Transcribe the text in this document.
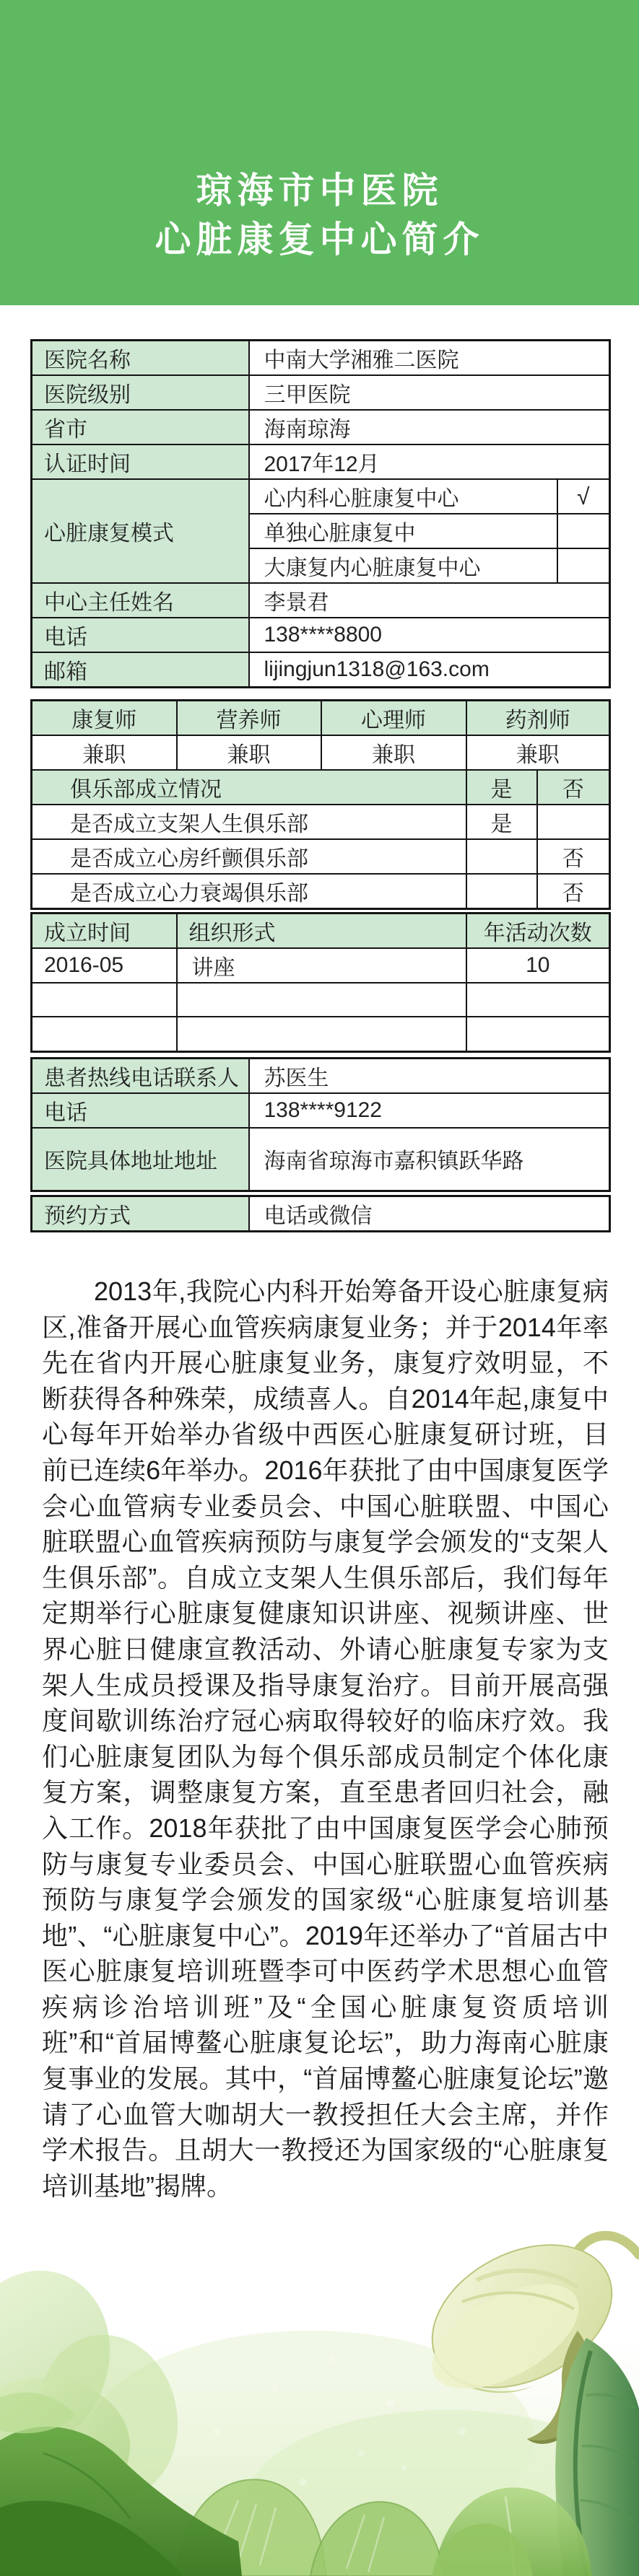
琼海市中医院
心脏康复中心简介
医院名称	中南大学湘雅二医院	
医院级别	三甲医院	
省市	海南琼海	
认证时间	2017年12月	
心脏康复模式	心内科心脏康复中心	√
	单独心脏康复中	
	大康复内心脏康复中心	
中心主任姓名	李景君	
电话	138****8800	
邮箱	lijingjun1318@163.com	
康复师	营养师	心理师	药剂师	
兼职	兼职	兼职	兼职	
俱乐部成立情况			是	否
是否成立支架人生俱乐部			是	
是否成立心房纤颤俱乐部				否
是否成立心力衰竭俱乐部				否
成立时间	组织形式	年活动次数
2016-05	讲座	10

患者热线电话联系人	苏医生
电话	138****9122
医院具体地址地址	海南省琼海市嘉积镇跃华路
预约方式	电话或微信
2013年,我院心内科开始筹备开设心脏康复病区,准备开展心血管疾病康复业务；并于2014年率先在省内开展心脏康复业务，康复疗效明显，不断获得各种殊荣，成绩喜人。自2014年起,康复中心每年开始举办省级中西医心脏康复研讨班，目前已连续6年举办。2016年获批了由中国康复医学会心血管病专业委员会、中国心脏联盟、中国心脏联盟心血管疾病预防与康复学会颁发的“支架人生俱乐部”。自成立支架人生俱乐部后，我们每年定期举行心脏康复健康知识讲座、视频讲座、世界心脏日健康宣教活动、外请心脏康复专家为支架人生成员授课及指导康复治疗。目前开展高强度间歇训练治疗冠心病取得较好的临床疗效。我们心脏康复团队为每个俱乐部成员制定个体化康复方案，调整康复方案，直至患者回归社会，融入工作。2018年获批了由中国康复医学会心肺预防与康复专业委员会、中国心脏联盟心血管疾病预防与康复学会颁发的国家级“心脏康复培训基地”、“心脏康复中心”。2019年还举办了“首届古中医心脏康复培训班暨李可中医药学术思想心血管疾病诊治培训班”及“全国心脏康复资质培训班”和“首届博鳌心脏康复论坛”，助力海南心脏康复事业的发展。其中，“首届博鳌心脏康复论坛”邀请了心血管大咖胡大一教授担任大会主席，并作学术报告。且胡大一教授还为国家级的“心脏康复培训基地”揭牌。
